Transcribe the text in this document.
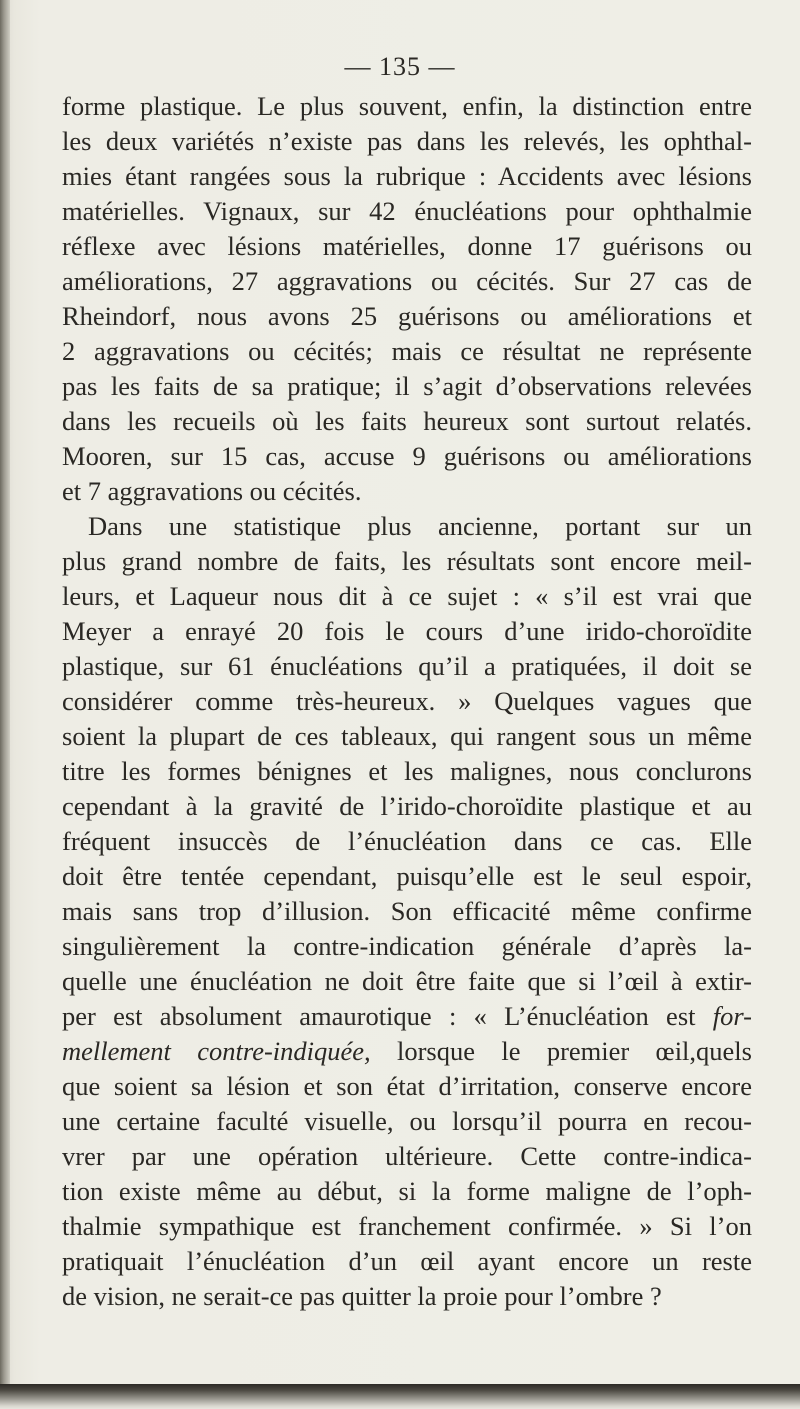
— 135 —
forme plastique. Le plus souvent, enfin, la distinction entre
les deux variétés n’existe pas dans les relevés, les ophthal-
mies étant rangées sous la rubrique : Accidents avec lésions
matérielles. Vignaux, sur 42 énucléations pour ophthalmie
réflexe avec lésions matérielles, donne 17 guérisons ou
améliorations, 27 aggravations ou cécités. Sur 27 cas de
Rheindorf, nous avons 25 guérisons ou améliorations et
2 aggravations ou cécités; mais ce résultat ne représente
pas les faits de sa pratique; il s’agit d’observations relevées
dans les recueils où les faits heureux sont surtout relatés.
Mooren, sur 15 cas, accuse 9 guérisons ou améliorations
et 7 aggravations ou cécités.
Dans une statistique plus ancienne, portant sur un
plus grand nombre de faits, les résultats sont encore meil-
leurs, et Laqueur nous dit à ce sujet : « s’il est vrai que
Meyer a enrayé 20 fois le cours d’une irido-choroïdite
plastique, sur 61 énucléations qu’il a pratiquées, il doit se
considérer comme très-heureux. » Quelques vagues que
soient la plupart de ces tableaux, qui rangent sous un même
titre les formes bénignes et les malignes, nous conclurons
cependant à la gravité de l’irido-choroïdite plastique et au
fréquent insuccès de l’énucléation dans ce cas. Elle
doit être tentée cependant, puisqu’elle est le seul espoir,
mais sans trop d’illusion. Son efficacité même confirme
singulièrement la contre-indication générale d’après la-
quelle une énucléation ne doit être faite que si l’œil à extir-
per est absolument amaurotique : « L’énucléation est for-
mellement contre-indiquée, lorsque le premier œil,quels
que soient sa lésion et son état d’irritation, conserve encore
une certaine faculté visuelle, ou lorsqu’il pourra en recou-
vrer par une opération ultérieure. Cette contre-indica-
tion existe même au début, si la forme maligne de l’oph-
thalmie sympathique est franchement confirmée. » Si l’on
pratiquait l’énucléation d’un œil ayant encore un reste
de vision, ne serait-ce pas quitter la proie pour l’ombre ?
